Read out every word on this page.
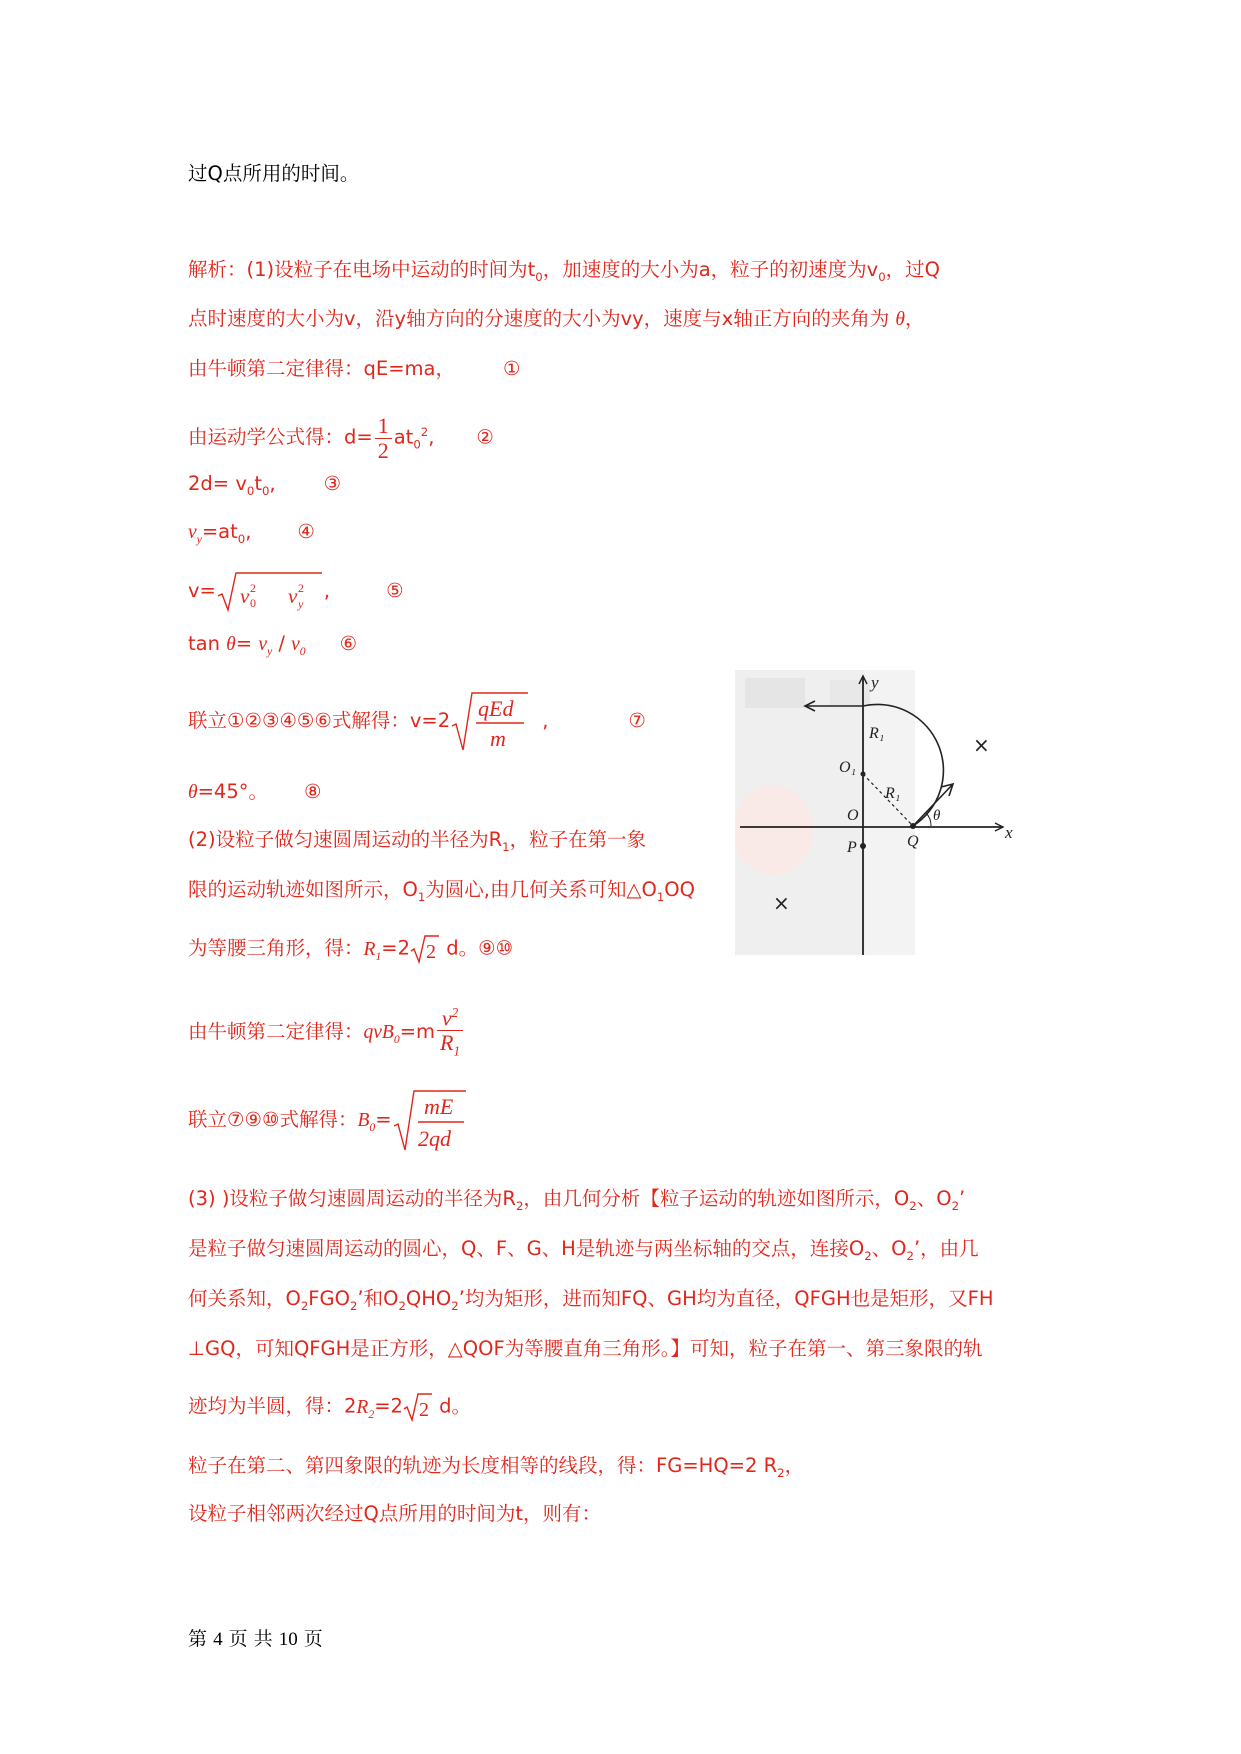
过Q点所用的时间。
解析：(1)设粒子在电场中运动的时间为$t_0$，加速度的大小为a，粒子的初速度为$v_0$，过Q
点时速度的大小为v，沿y轴方向的分速度的大小为vy，速度与x轴正方向的夹角为 θ，
由牛顿第二定律得：qE=ma， ①
由运动学公式得：$d= \frac{1}{2} at_0^2$, ②
$2d= v_0t_0$, ③
$v_y=at_0$, ④
v= v 2
0 v 2
y
,	⑤
$\tan \theta= v_y / v_0$ ⑥
联立①②③④⑤⑥式解得：v=2 qEd
m
,	⑦
θ=45°。 ⑧
(2)设粒子做匀速圆周运动的半径为$R_1$，粒子在第一象
限的运动轨迹如图所示，$O_1$为圆心,由几何关系可知$\triangle O_1OQ$
为等腰三角形，得：$R_1=2$ 2 d。⑨⑩
由牛顿第二定律得：$qvB_0=m \frac{v^2}{R_1}$
联立⑦⑨⑩式解得：$B_0=$
mE
2qd
(3) )设粒子做匀速圆周运动的半径为$R_2$，由几何分析【粒子运动的轨迹如图所示，$O_2$、$O_2$’
是粒子做匀速圆周运动的圆心，Q、F、G、H是轨迹与两坐标轴的交点，连接$O_2$、$O_2$’，由几
何关系知，$O_2FGO_2$’和$O_2QHO_2$’均为矩形，进而知FQ、GH均为直径，QFGH也是矩形，又FH
⊥GQ，可知QFGH是正方形，△QOF为等腰直角三角形。】可知，粒子在第一、第三象限的轨
迹均为半圆，得：$2R_2=2$ 2 d。
粒子在第二、第四象限的轨迹为长度相等的线段，得：FG=HQ=2 $R_2$，
设粒子相邻两次经过Q点所用的时间为t，则有：
y
x
O
Q
P
O₁
R₁
R₁
θ
×
×
第 4 页 共 10 页
